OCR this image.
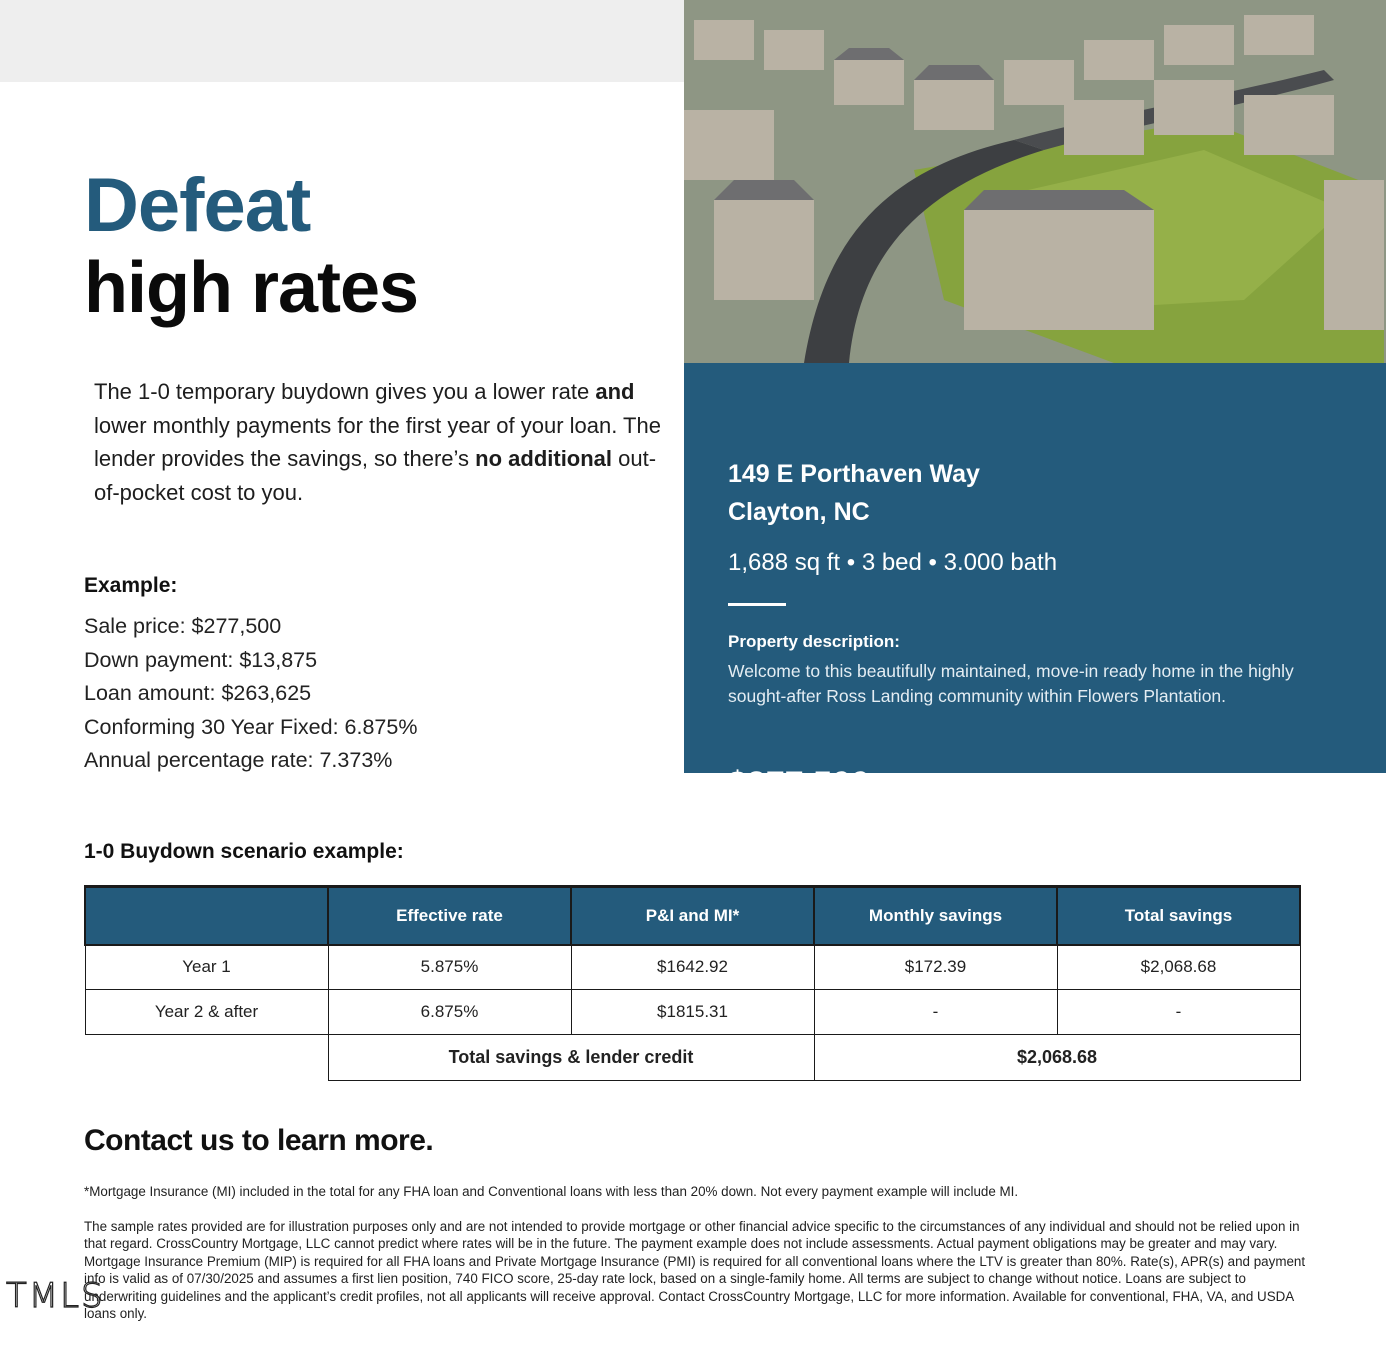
Defeat
high rates

The 1-0 temporary buydown gives you a lower rate and lower monthly payments for the first year of your loan. The lender provides the savings, so there’s no additional out-of-pocket cost to you.

Example:
Sale price: $277,500
Down payment: $13,875
Loan amount: $263,625
Conforming 30 Year Fixed: 6.875%
Annual percentage rate: 7.373%
$277,500
149 E Porthaven Way
Clayton, NC
1,688 sq ft • 3 bed • 3.000 bath
Property description:
Welcome to this beautifully maintained, move-in ready home in the highly sought-after Ross Landing community within Flowers Plantation.
1-0 Buydown scenario example:
	Effective rate	P&I and MI*	Monthly savings	Total savings
Year 1	5.875%	$1642.92	$172.39	$2,068.68
Year 2 & after	6.875%	$1815.31	-	-
	Total savings & lender credit		$2,068.68	
Contact us to learn more.

*Mortgage Insurance (MI) included in the total for any FHA loan and Conventional loans with less than 20% down. Not every payment example will include MI.

The sample rates provided are for illustration purposes only and are not intended to provide mortgage or other financial advice specific to the circumstances of any individual and should not be relied upon in that regard. CrossCountry Mortgage, LLC cannot predict where rates will be in the future. The payment example does not include assessments. Actual payment obligations may be greater and may vary. Mortgage Insurance Premium (MIP) is required for all FHA loans and Private Mortgage Insurance (PMI) is required for all conventional loans where the LTV is greater than 80%. Rate(s), APR(s) and payment info is valid as of 07/30/2025 and assumes a first lien position, 740 FICO score, 25-day rate lock, based on a single-family home. All terms are subject to change without notice. Loans are subject to underwriting guidelines and the applicant’s credit profiles, not all applicants will receive approval. Contact CrossCountry Mortgage, LLC for more information. Available for conventional, FHA, VA, and USDA loans only.

TMLS
